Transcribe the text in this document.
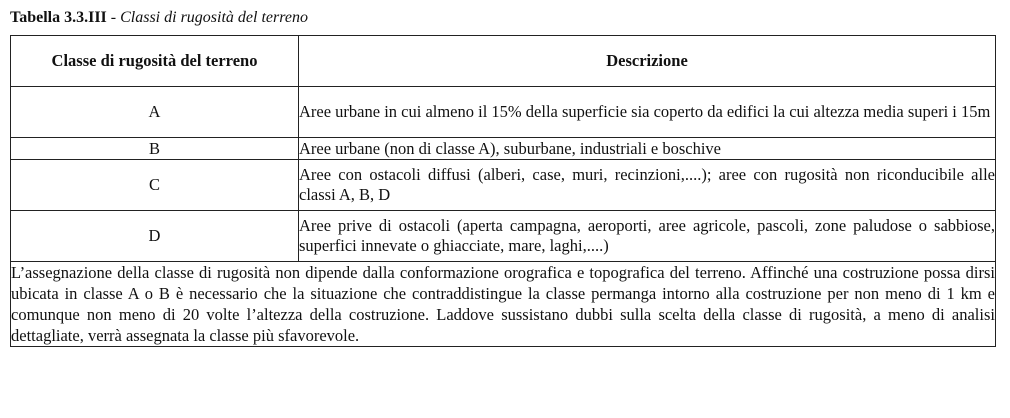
Tabella 3.3.III - Classi di rugosità del terreno
Classe di rugosità del terreno	Descrizione
A	Aree urbane in cui almeno il 15% della superficie sia coperto da edifici la cui altezza media superi i 15m
B	Aree urbane (non di classe A), suburbane, industriali e boschive
C	Aree con ostacoli diffusi (alberi, case, muri, recinzioni,....); aree con rugosità non riconducibile alle classi A, B, D
D	Aree prive di ostacoli (aperta campagna, aeroporti, aree agricole, pascoli, zone paludose o sabbiose, superfici innevate o ghiacciate, mare, laghi,....)
L’assegnazione della classe di rugosità non dipende dalla conformazione orografica e topografica del terreno. Affinché una costruzione possa dirsi ubicata in classe A o B è necessario che la situazione che contraddistingue la classe permanga intorno alla costruzione per non meno di 1 km e comunque non meno di 20 volte l’altezza della costruzione. Laddove sussistano dubbi sulla scelta della classe di rugosità, a meno di analisi dettagliate, verrà assegnata la classe più sfavorevole.	
